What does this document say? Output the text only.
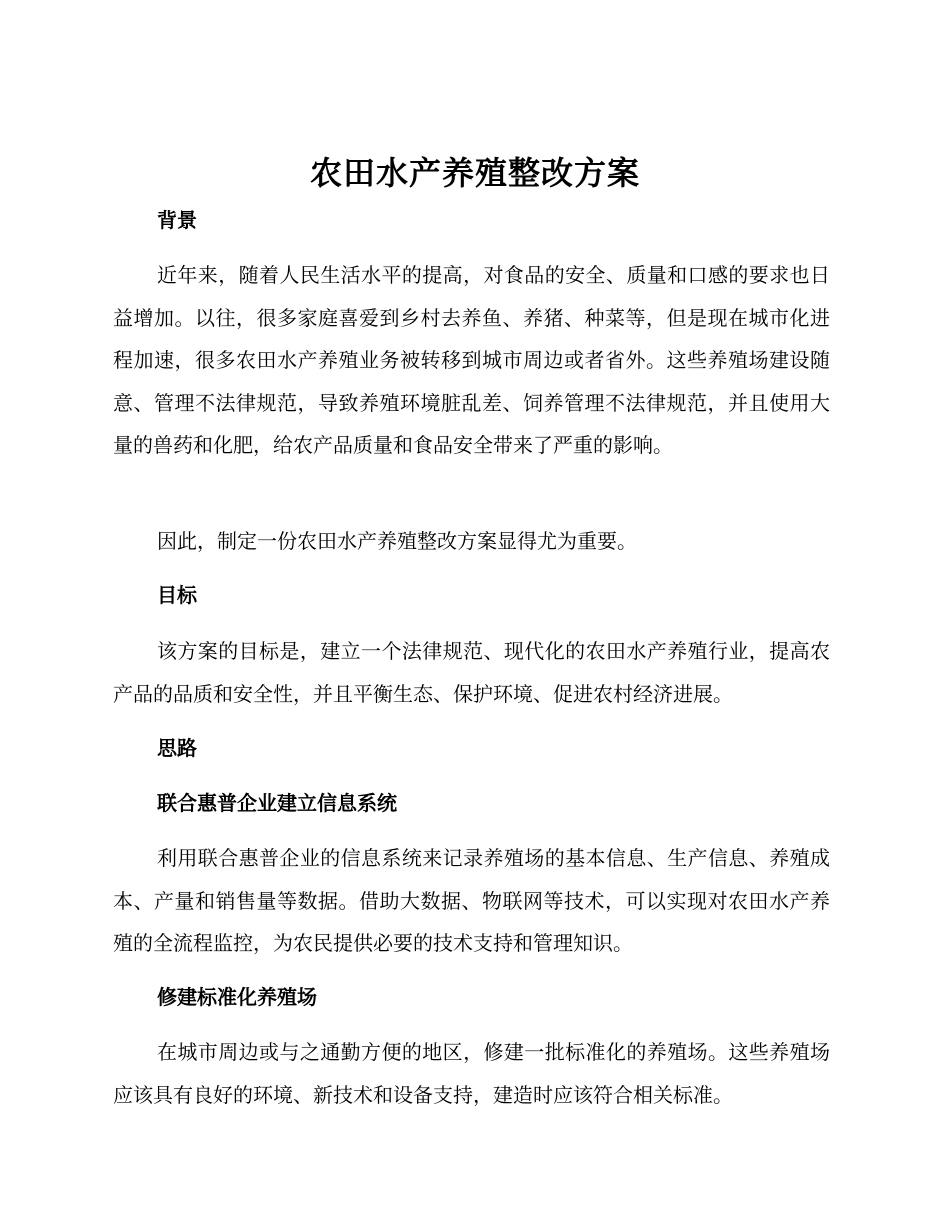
农田水产养殖整改方案
背景

近年来，随着人民生活水平的提高，对食品的安全、质量和口感的要求也日益增加。以往，很多家庭喜爱到乡村去养鱼、养猪、种菜等，但是现在城市化进程加速，很多农田水产养殖业务被转移到城市周边或者省外。这些养殖场建设随意、管理不法律规范，导致养殖环境脏乱差、饲养管理不法律规范，并且使用大量的兽药和化肥，给农产品质量和食品安全带来了严重的影响。

因此，制定一份农田水产养殖整改方案显得尤为重要。

目标

该方案的目标是，建立一个法律规范、现代化的农田水产养殖行业，提高农产品的品质和安全性，并且平衡生态、保护环境、促进农村经济进展。

思路
联合惠普企业建立信息系统

利用联合惠普企业的信息系统来记录养殖场的基本信息、生产信息、养殖成本、产量和销售量等数据。借助大数据、物联网等技术，可以实现对农田水产养殖的全流程监控，为农民提供必要的技术支持和管理知识。

修建标准化养殖场

在城市周边或与之通勤方便的地区，修建一批标准化的养殖场。这些养殖场应该具有良好的环境、新技术和设备支持，建造时应该符合相关标准。
